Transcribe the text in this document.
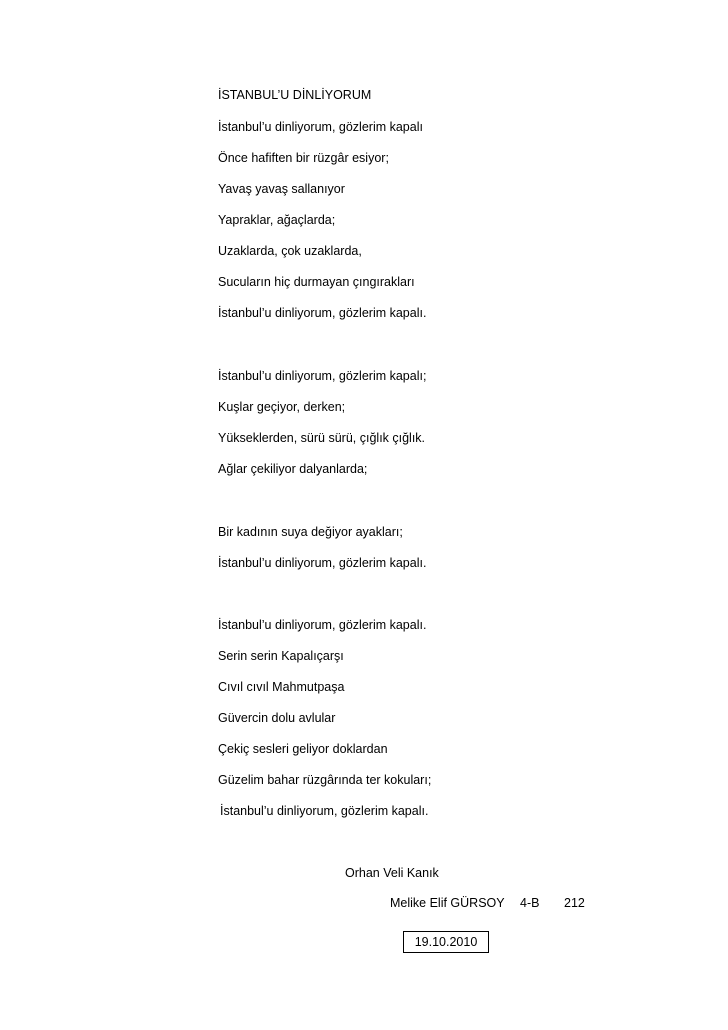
İSTANBUL’U DİNLİYORUM
İstanbul’u dinliyorum, gözlerim kapalı
Önce hafiften bir rüzgâr esiyor;
Yavaş yavaş sallanıyor
Yapraklar, ağaçlarda;
Uzaklarda, çok uzaklarda,
Sucuların hiç durmayan çıngırakları
İstanbul’u dinliyorum, gözlerim kapalı.
İstanbul’u dinliyorum, gözlerim kapalı;
Kuşlar geçiyor, derken;
Yükseklerden, sürü sürü, çığlık çığlık.
Ağlar çekiliyor dalyanlarda;
Bir kadının suya değiyor ayakları;
İstanbul’u dinliyorum, gözlerim kapalı.
İstanbul’u dinliyorum, gözlerim kapalı.
Serin serin Kapalıçarşı
Cıvıl cıvıl Mahmutpaşa
Güvercin dolu avlular
Çekiç sesleri geliyor doklardan
Güzelim bahar rüzgârında ter kokuları;
İstanbul’u dinliyorum, gözlerim kapalı.
Orhan Veli Kanık
Melike Elif GÜRSOY 4-B 212
19.10.2010
